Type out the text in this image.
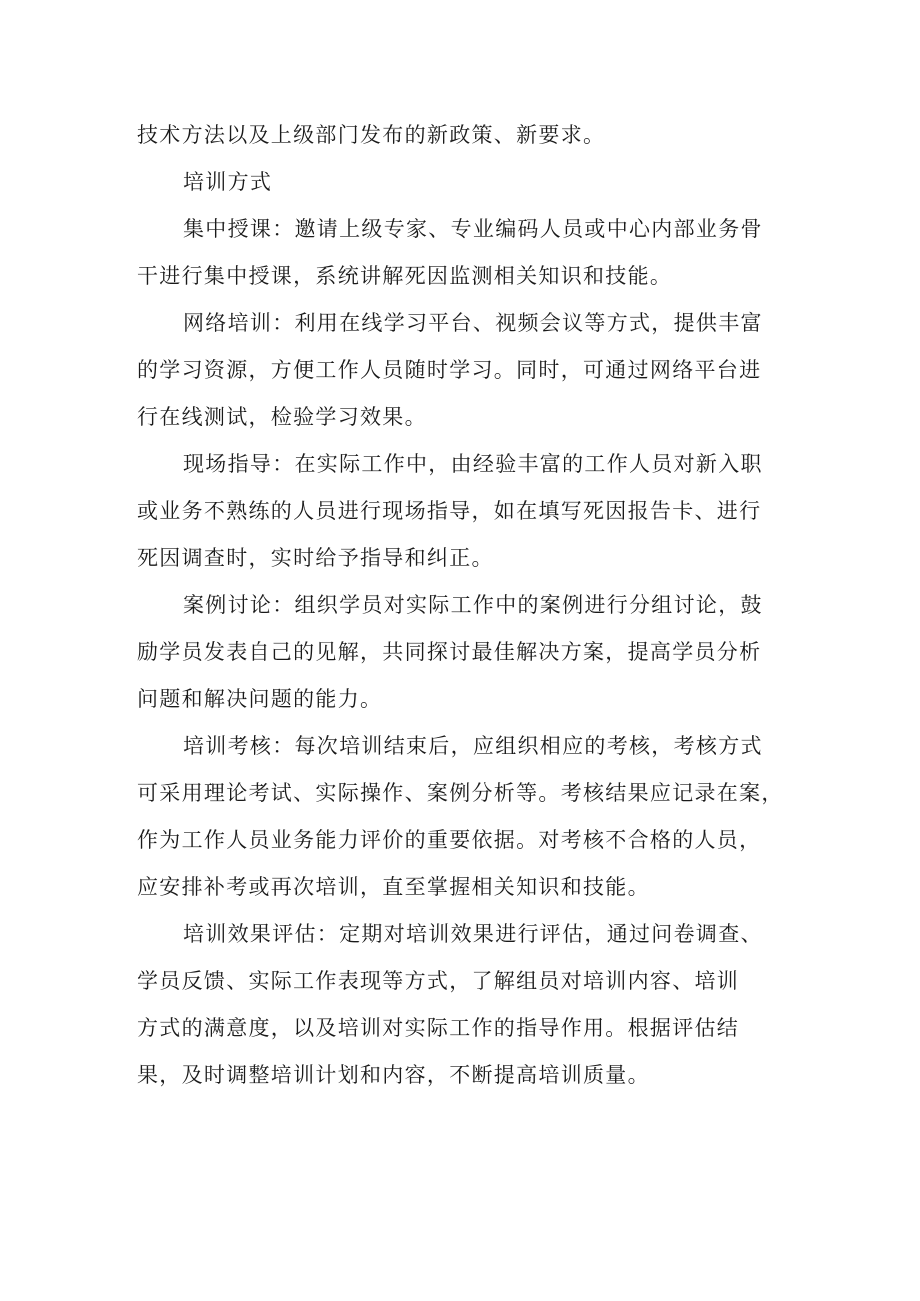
技术方法以及上级部门发布的新政策、新要求。

培训方式

集中授课：邀请上级专家、专业编码人员或中心内部业务骨
干进行集中授课，系统讲解死因监测相关知识和技能。

网络培训：利用在线学习平台、视频会议等方式，提供丰富
的学习资源，方便工作人员随时学习。同时，可通过网络平台进
行在线测试，检验学习效果。

现场指导：在实际工作中，由经验丰富的工作人员对新入职
或业务不熟练的人员进行现场指导，如在填写死因报告卡、进行
死因调查时，实时给予指导和纠正。

案例讨论：组织学员对实际工作中的案例进行分组讨论，鼓
励学员发表自己的见解，共同探讨最佳解决方案，提高学员分析
问题和解决问题的能力。

培训考核：每次培训结束后，应组织相应的考核，考核方式
可采用理论考试、实际操作、案例分析等。考核结果应记录在案，
作为工作人员业务能力评价的重要依据。对考核不合格的人员，
应安排补考或再次培训，直至掌握相关知识和技能。

培训效果评估：定期对培训效果进行评估，通过问卷调查、
学员反馈、实际工作表现等方式，了解组员对培训内容、培训
方式的满意度，以及培训对实际工作的指导作用。根据评估结
果，及时调整培训计划和内容，不断提高培训质量。
